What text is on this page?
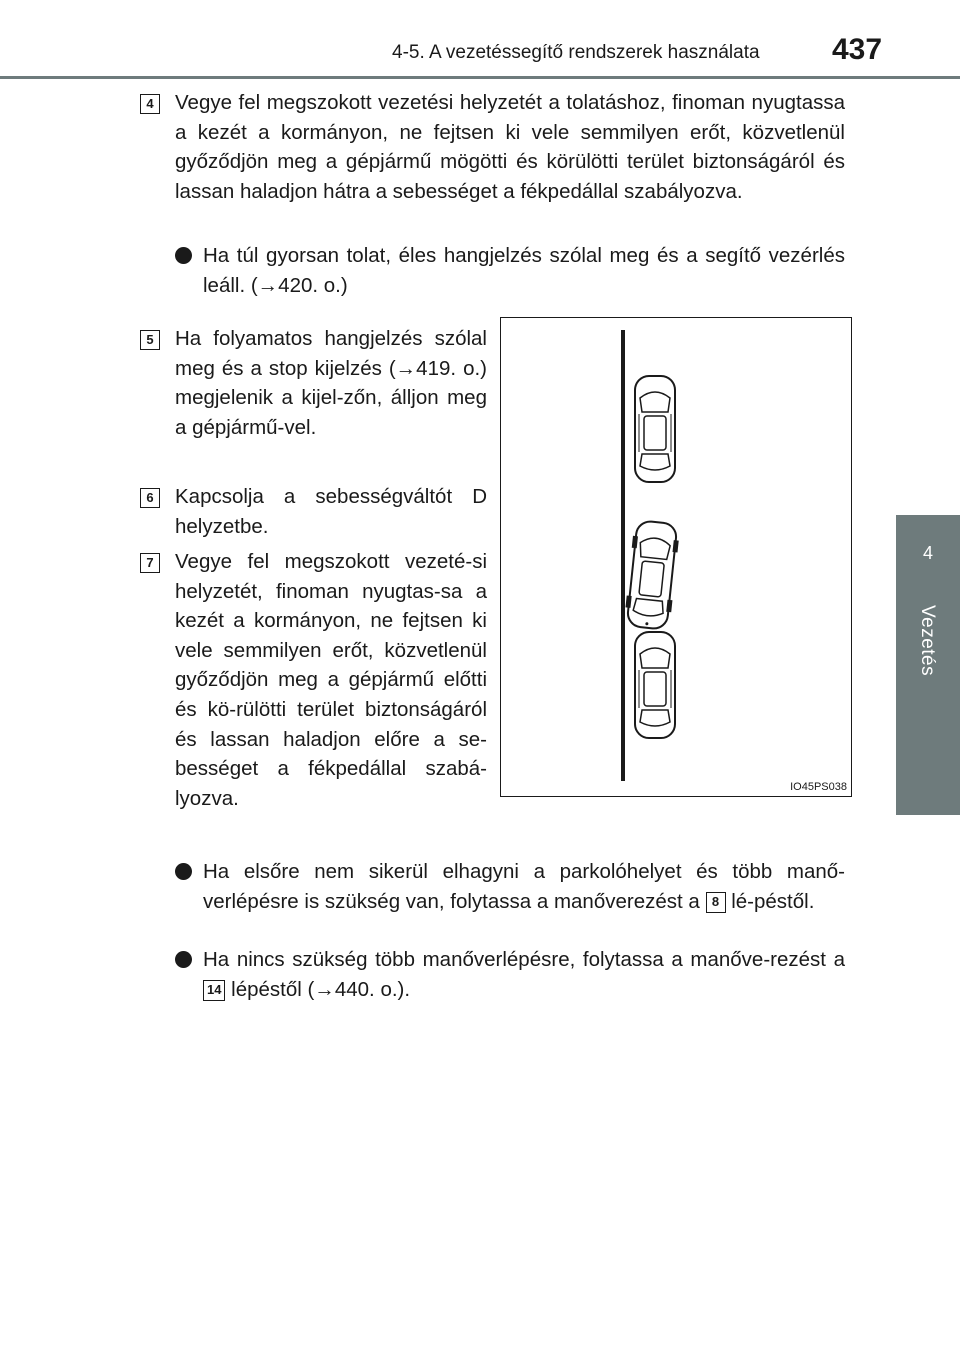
4-5. A vezetéssegítő rendszerek használata 437
4
Vezetés
4	Vegye fel megszokott vezetési helyzetét a tolatáshoz, finoman nyugtassa a kezét a kormányon, ne fejtsen ki vele semmilyen erőt, közvetlenül győződjön meg a gépjármű mögötti és körülötti terület biztonságáról és lassan haladjon hátra a sebességet a fékpedállal szabályozva.

Ha túl gyorsan tolat, éles hangjelzés szólal meg és a segítő vezérlés leáll. (→420. o.)
5	Ha folyamatos hangjelzés szólal meg és a stop kijelzés (→419. o.) megjelenik a kijel-zőn, álljon meg a gépjármű-vel.

6	Kapcsolja a sebességváltót D helyzetbe.

7	Vegye fel megszokott vezeté-si helyzetét, finoman nyugtas-sa a kezét a kormányon, ne fejtsen ki vele semmilyen erőt, közvetlenül győződjön meg a gépjármű előtti és kö-rülötti terület biztonságáról és lassan haladjon előre a se-bességet a fékpedállal szabá-lyozva.

Ha elsőre nem sikerül elhagyni a parkolóhelyet és több manő-verlépésre is szükség van, folytassa a manőverezést a 8 lé-péstől.
Ha nincs szükség több manőverlépésre, folytassa a manőve-rezést a 14 lépéstől (→440. o.).
IO45PS038
